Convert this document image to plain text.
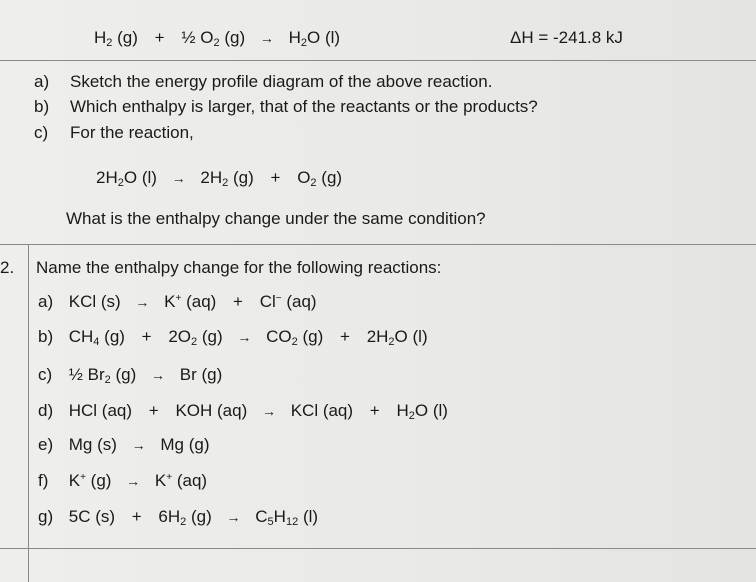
H2 (g) + ½ O2 (g) → H2O (l)	ΔH = -241.8 kJ
a) Sketch the energy profile diagram of the above reaction.
b) Which enthalpy is larger, that of the reactants or the products?
c) For the reaction,
2H2O (l) → 2H2 (g) + O2 (g)
What is the enthalpy change under the same condition?
2. Name the enthalpy change for the following reactions:
a) KCl (s) → K+ (aq) + Cl− (aq)
b) CH4 (g) + 2O2 (g) → CO2 (g) + 2H2O (l)
c) ½ Br2 (g) → Br (g)
d) HCl (aq) + KOH (aq) → KCl (aq) + H2O (l)
e) Mg (s) → Mg (g)
f) K+ (g) → K+ (aq)
g) 5C (s) + 6H2 (g) → C5H12 (l)
